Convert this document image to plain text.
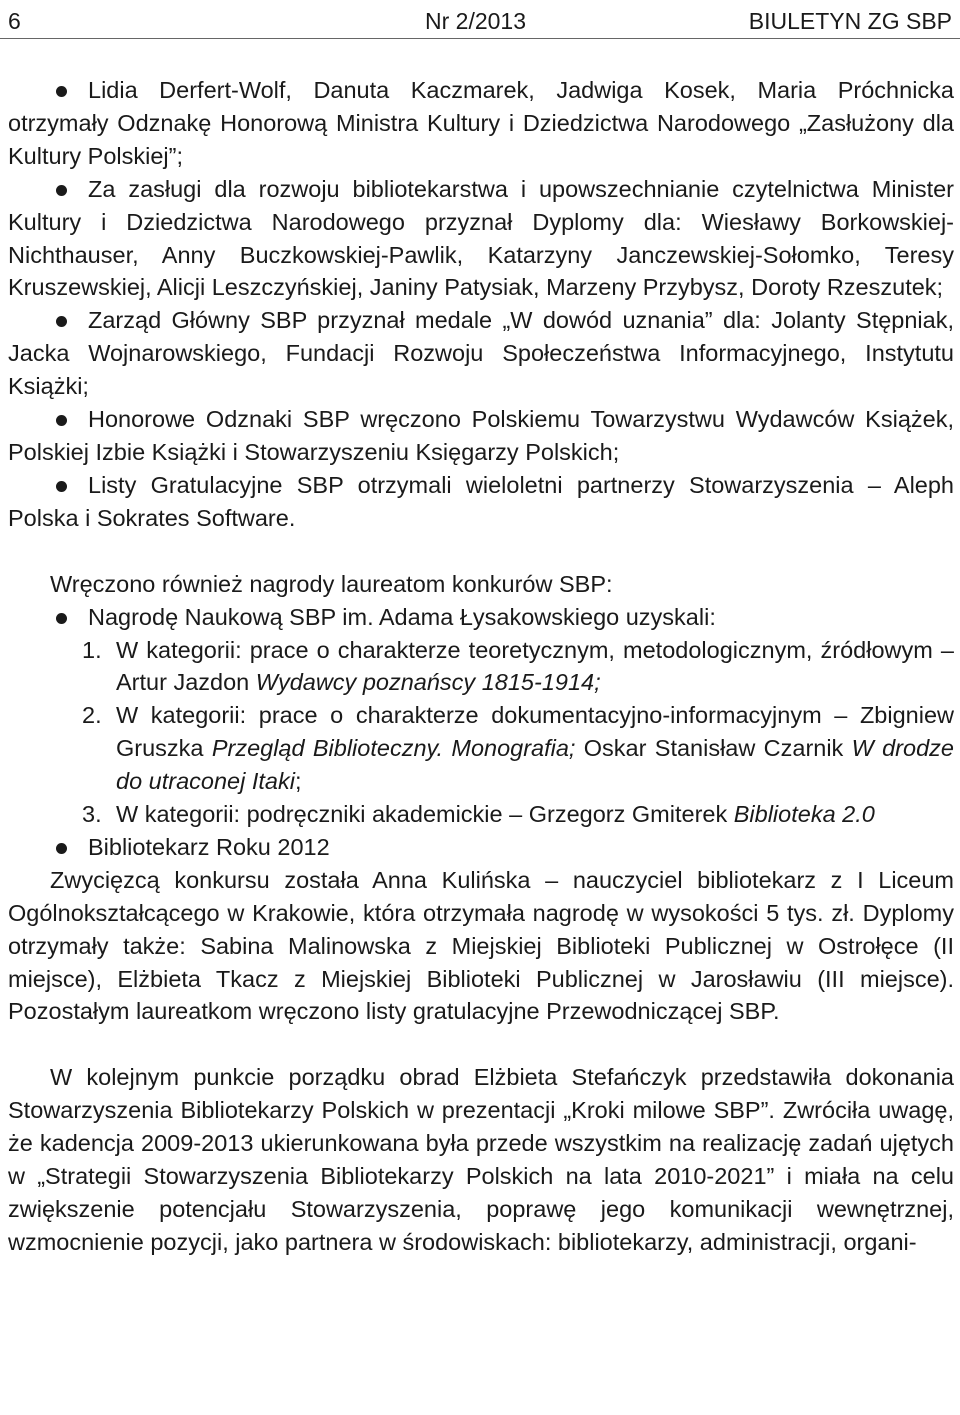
6	Nr 2/2013	BIULETYN ZG SBP
Lidia Derfert-Wolf, Danuta Kaczmarek, Jadwiga Kosek, Maria Próchnicka otrzymały Odznakę Honorową Ministra Kultury i Dziedzictwa Narodowego „Zasłużony dla Kultury Polskiej”;
Za zasługi dla rozwoju bibliotekarstwa i upowszechnianie czytelnictwa Minister Kultury i Dziedzictwa Narodowego przyznał Dyplomy dla: Wiesławy Borkowskiej-Nichthauser, Anny Buczkowskiej-Pawlik, Katarzyny Janczewskiej-Sołomko, Teresy Kruszewskiej, Alicji Leszczyńskiej, Janiny Patysiak, Marzeny Przybysz, Doroty Rzeszutek;
Zarząd Główny SBP przyznał medale „W dowód uznania” dla: Jolanty Stępniak, Jacka Wojnarowskiego, Fundacji Rozwoju Społeczeństwa Informacyjnego, Instytutu Książki;
Honorowe Odznaki SBP wręczono Polskiemu Towarzystwu Wydawców Książek, Polskiej Izbie Książki i Stowarzyszeniu Księgarzy Polskich;
Listy Gratulacyjne SBP otrzymali wieloletni partnerzy Stowarzyszenia – Aleph Polska i Sokrates Software.

Wręczono również nagrody laureatom konkurów SBP:

Nagrodę Naukową SBP im. Adama Łysakowskiego uzyskali:
1. W kategorii: prace o charakterze teoretycznym, metodologicznym, źródłowym – Artur Jazdon Wydawcy poznańscy 1815-1914;
2. W kategorii: prace o charakterze dokumentacyjno-informacyjnym – Zbigniew Gruszka Przegląd Biblioteczny. Monografia; Oskar Stanisław Czarnik W drodze do utraconej Itaki;
3. W kategorii: podręczniki akademickie – Grzegorz Gmiterek Biblioteka 2.0
Bibliotekarz Roku 2012

Zwycięzcą konkursu została Anna Kulińska – nauczyciel bibliotekarz z I Liceum Ogólnokształcącego w Krakowie, która otrzymała nagrodę w wysokości 5 tys. zł. Dyplomy otrzymały także: Sabina Malinowska z Miejskiej Biblioteki Publicznej w Ostrołęce (II miejsce), Elżbieta Tkacz z Miejskiej Biblioteki Publicznej w Jarosławiu (III miejsce). Pozostałym laureatkom wręczono listy gratulacyjne Przewodniczącej SBP.

W kolejnym punkcie porządku obrad Elżbieta Stefańczyk przedstawiła dokonania Stowarzyszenia Bibliotekarzy Polskich w prezentacji „Kroki milowe SBP”. Zwróciła uwagę, że kadencja 2009-2013 ukierunkowana była przede wszystkim na realizację zadań ujętych w „Strategii Stowarzyszenia Bibliotekarzy Polskich na lata 2010-2021” i miała na celu zwiększenie potencjału Stowarzyszenia, poprawę jego komunikacji wewnętrznej, wzmocnienie pozycji, jako partnera w środowiskach: bibliotekarzy, administracji, organi-
